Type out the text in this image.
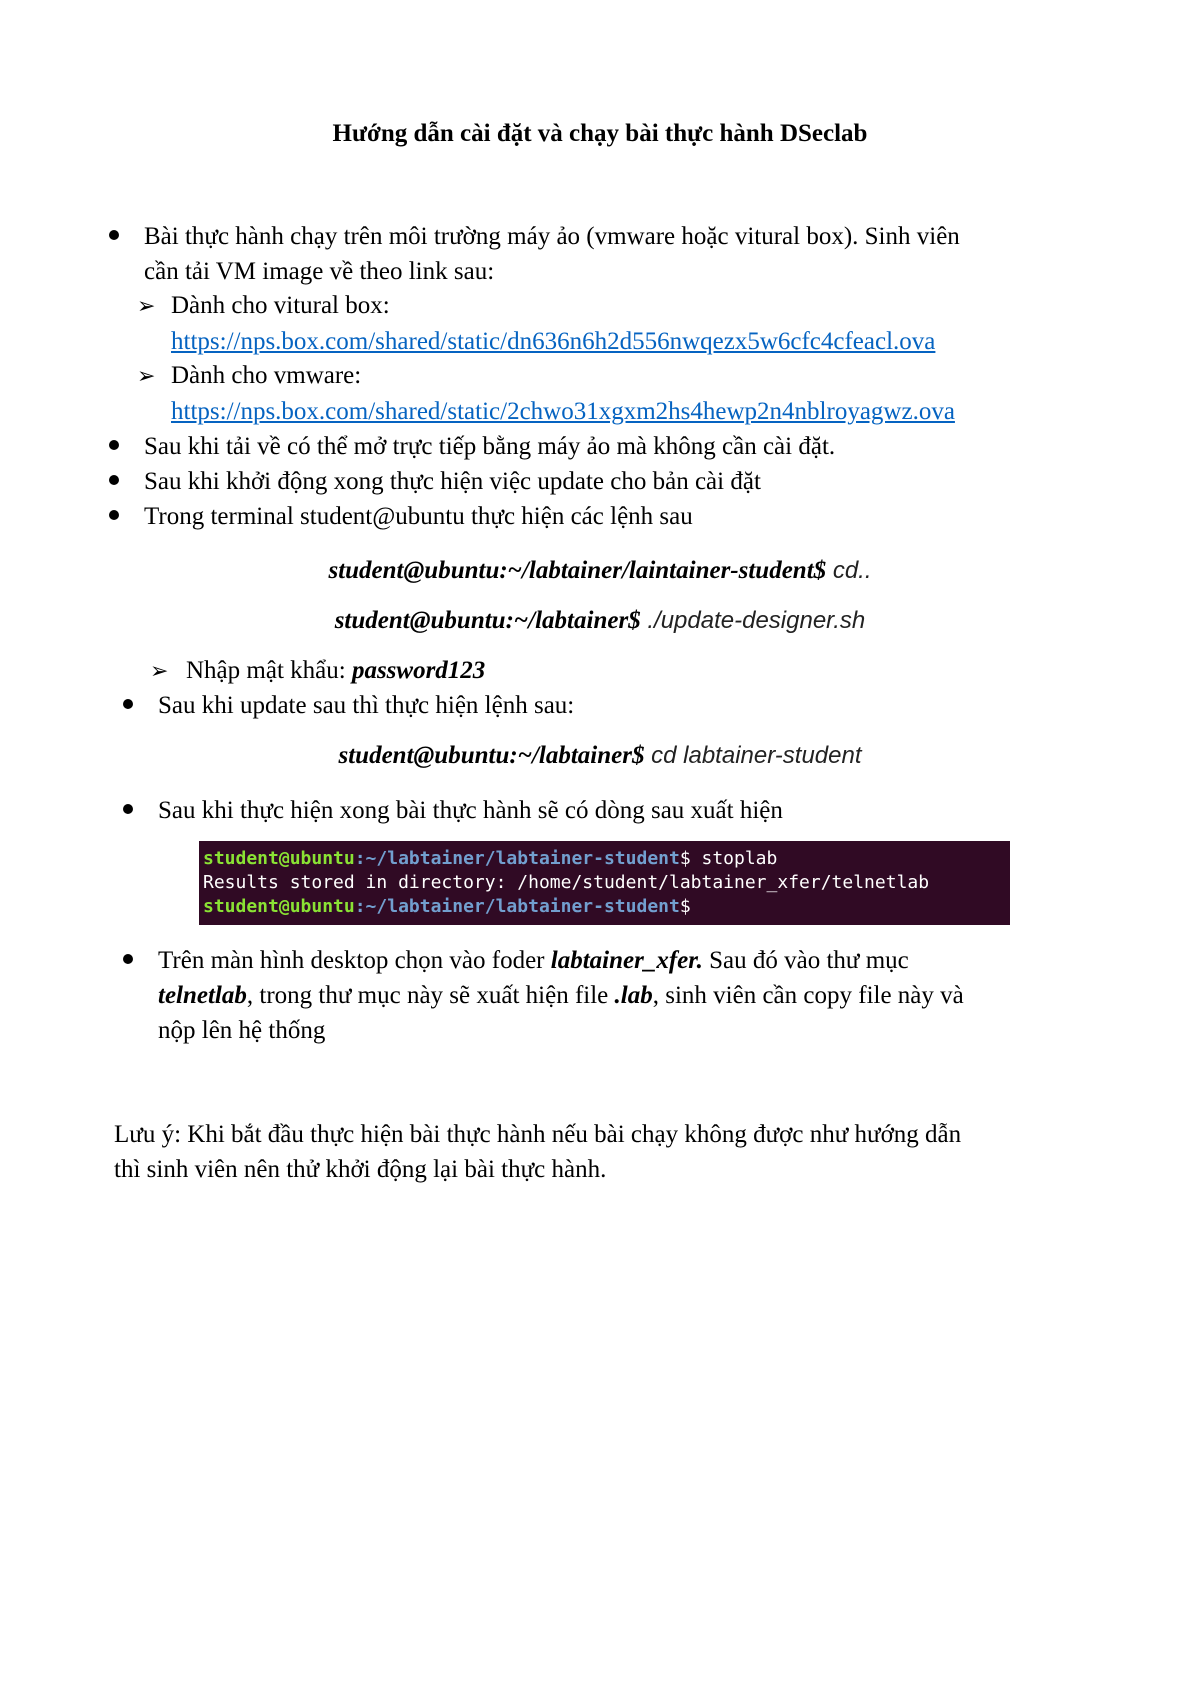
Hướng dẫn cài đặt và chạy bài thực hành DSeclab
Bài thực hành chạy trên môi trường máy ảo (vmware hoặc vitural box). Sinh viên
cần tải VM image về theo link sau:
➢ Dành cho vitural box:
https://nps.box.com/shared/static/dn636n6h2d556nwqezx5w6cfc4cfeacl.ova
➢ Dành cho vmware:
https://nps.box.com/shared/static/2chwo31xgxm2hs4hewp2n4nblroyagwz.ova
Sau khi tải về có thể mở trực tiếp bằng máy ảo mà không cần cài đặt.
Sau khi khởi động xong thực hiện việc update cho bản cài đặt
Trong terminal student@ubuntu thực hiện các lệnh sau
student@ubuntu:~/labtainer/laintainer-student$ cd..
student@ubuntu:~/labtainer$ ./update-designer.sh
➢ Nhập mật khẩu: password123
Sau khi update sau thì thực hiện lệnh sau:
student@ubuntu:~/labtainer$ cd labtainer-student
Sau khi thực hiện xong bài thực hành sẽ có dòng sau xuất hiện
student@ubuntu:~/labtainer/labtainer-student$ stoplab
Results stored in directory: /home/student/labtainer_xfer/telnetlab
student@ubuntu:~/labtainer/labtainer-student$
Trên màn hình desktop chọn vào foder labtainer_xfer. Sau đó vào thư mục
telnetlab, trong thư mục này sẽ xuất hiện file .lab, sinh viên cần copy file này và
nộp lên hệ thống
Lưu ý: Khi bắt đầu thực hiện bài thực hành nếu bài chạy không được như hướng dẫn
thì sinh viên nên thử khởi động lại bài thực hành.
